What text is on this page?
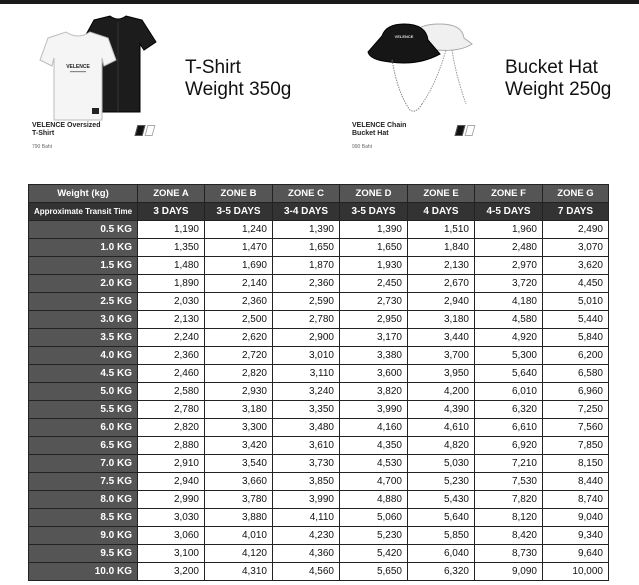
VELENCE
VELENCE Oversized
T-Shirt
790 Baht
T-Shirt
Weight 350g
VELENCE
VELENCE Chain
Bucket Hat
990 Baht
Bucket Hat
Weight 250g
Weight (kg)	ZONE A	ZONE B	ZONE C	ZONE D	ZONE E	ZONE F	ZONE G
Approximate Transit Time	3 DAYS	3-5 DAYS	3-4 DAYS	3-5 DAYS	4 DAYS	4-5 DAYS	7 DAYS
0.5 KG	1,190	1,240	1,390	1,390	1,510	1,960	2,490
1.0 KG	1,350	1,470	1,650	1,650	1,840	2,480	3,070
1.5 KG	1,480	1,690	1,870	1,930	2,130	2,970	3,620
2.0 KG	1,890	2,140	2,360	2,450	2,670	3,720	4,450
2.5 KG	2,030	2,360	2,590	2,730	2,940	4,180	5,010
3.0 KG	2,130	2,500	2,780	2,950	3,180	4,580	5,440
3.5 KG	2,240	2,620	2,900	3,170	3,440	4,920	5,840
4.0 KG	2,360	2,720	3,010	3,380	3,700	5,300	6,200
4.5 KG	2,460	2,820	3,110	3,600	3,950	5,640	6,580
5.0 KG	2,580	2,930	3,240	3,820	4,200	6,010	6,960
5.5 KG	2,780	3,180	3,350	3,990	4,390	6,320	7,250
6.0 KG	2,820	3,300	3,480	4,160	4,610	6,610	7,560
6.5 KG	2,880	3,420	3,610	4,350	4,820	6,920	7,850
7.0 KG	2,910	3,540	3,730	4,530	5,030	7,210	8,150
7.5 KG	2,940	3,660	3,850	4,700	5,230	7,530	8,440
8.0 KG	2,990	3,780	3,990	4,880	5,430	7,820	8,740
8.5 KG	3,030	3,880	4,110	5,060	5,640	8,120	9,040
9.0 KG	3,060	4,010	4,230	5,230	5,850	8,420	9,340
9.5 KG	3,100	4,120	4,360	5,420	6,040	8,730	9,640
10.0 KG	3,200	4,310	4,560	5,650	6,320	9,090	10,000
